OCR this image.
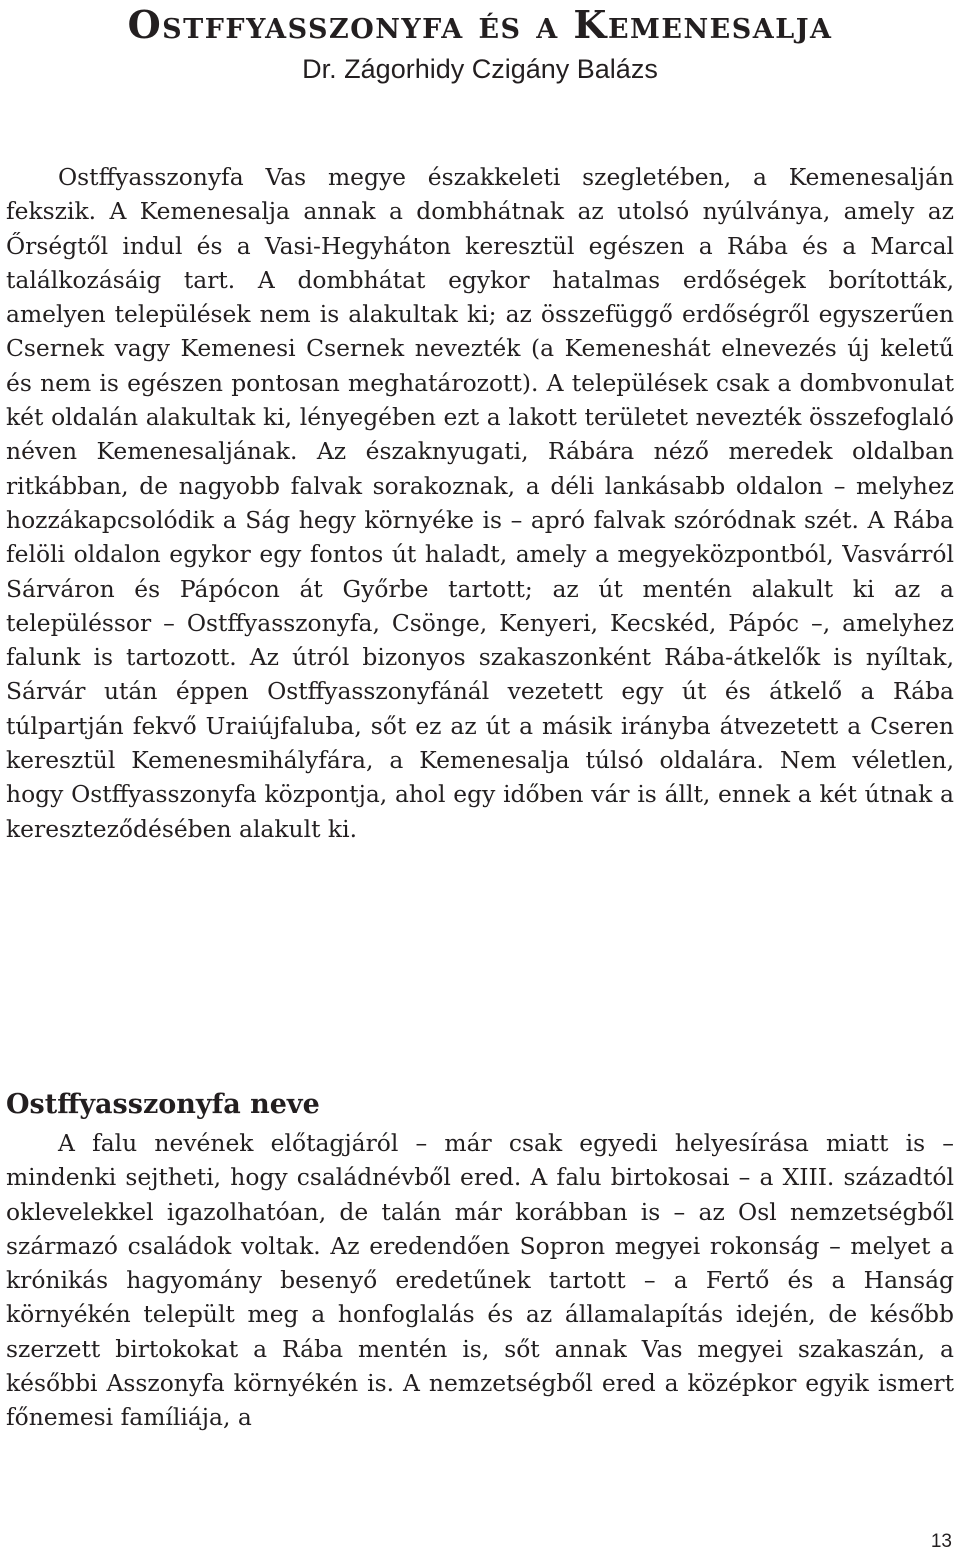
Ostffyasszonyfa és a Kemenesalja
Dr. Zágorhidy Czigány Balázs

Ostffyasszonyfa Vas megye északkeleti szegletében, a Kemenesalján fekszik. A Kemenesalja annak a dombhátnak az utolsó nyúlványa, amely az Őrségtől indul és a Vasi-Hegyháton keresztül egészen a Rába és a Marcal találkozásáig tart. A dombhátat egykor hatalmas erdőségek borították, amelyen települések nem is alakultak ki; az összefüggő erdőségről egyszerűen Csernek vagy Kemenesi Csernek nevezték (a Kemeneshát elnevezés új keletű és nem is egészen pontosan meghatározott). A települések csak a dombvonulat két oldalán alakultak ki, lényegében ezt a lakott területet nevezték összefoglaló néven Kemenesaljának. Az északnyugati, Rábára néző meredek oldalban ritkábban, de nagyobb falvak sorakoznak, a déli lankásabb oldalon – melyhez hozzákapcsolódik a Ság hegy környéke is – apró falvak szóródnak szét. A Rába felöli oldalon egykor egy fontos út haladt, amely a megyeközpontból, Vasvárról Sárváron és Pápócon át Győrbe tartott; az út mentén alakult ki az a településsor – Ostffyasszonyfa, Csönge, Kenyeri, Kecskéd, Pápóc –, amelyhez falunk is tartozott. Az útról bizonyos szakaszonként Rába-átkelők is nyíltak, Sárvár után éppen Ostffyasszonyfánál vezetett egy út és átkelő a Rába túlpartján fekvő Uraiújfaluba, sőt ez az út a másik irányba átvezetett a Cseren keresztül Kemenesmihályfára, a Kemenesalja túlsó oldalára. Nem véletlen, hogy Ostffyasszonyfa központja, ahol egy időben vár is állt, ennek a két útnak a kereszteződésében alakult ki.

Ostffyasszonyfa neve

A falu nevének előtagjáról – már csak egyedi helyesírása miatt is – mindenki sejtheti, hogy családnévből ered. A falu birtokosai – a XIII. századtól oklevelekkel igazolhatóan, de talán már korábban is – az Osl nemzetségből származó családok voltak. Az eredendően Sopron megyei rokonság – melyet a krónikás hagyomány besenyő eredetűnek tartott – a Fertő és a Hanság környékén települt meg a honfoglalás és az államalapítás idején, de később szerzett birtokokat a Rába mentén is, sőt annak Vas megyei szakaszán, a későbbi Asszonyfa környékén is. A nemzetségből ered a középkor egyik ismert főnemesi famíliája, a

13
